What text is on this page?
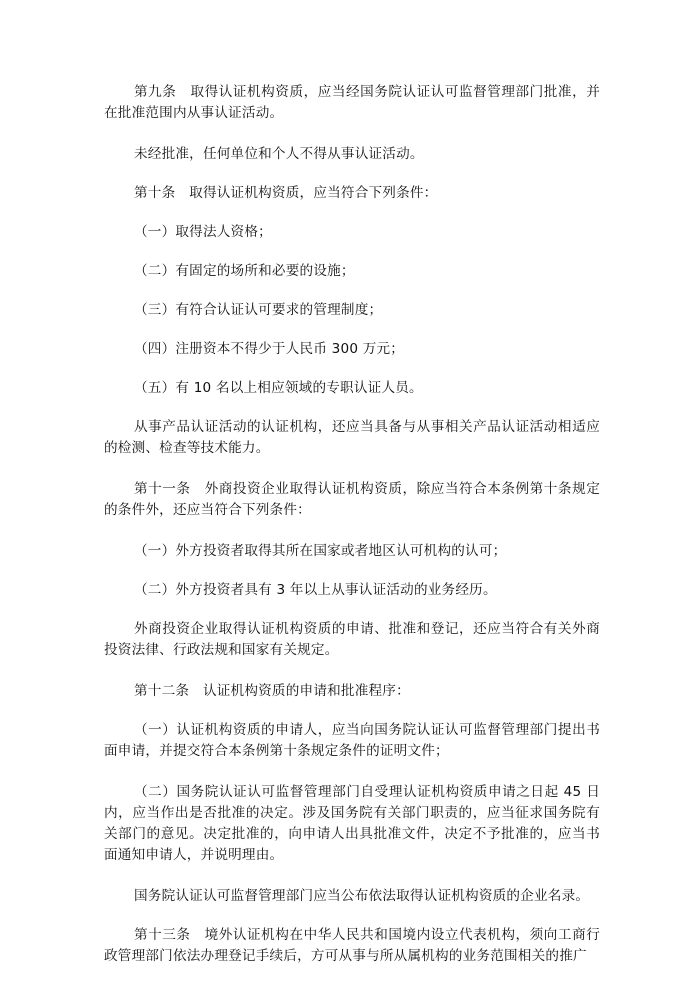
第九条　取得认证机构资质，应当经国务院认证认可监督管理部门批准，并在批准范围内从事认证活动。

未经批准，任何单位和个人不得从事认证活动。

第十条　取得认证机构资质，应当符合下列条件：

（一）取得法人资格；

（二）有固定的场所和必要的设施；

（三）有符合认证认可要求的管理制度；

（四）注册资本不得少于人民币 300 万元；

（五）有 10 名以上相应领域的专职认证人员。

从事产品认证活动的认证机构，还应当具备与从事相关产品认证活动相适应的检测、检查等技术能力。

第十一条　外商投资企业取得认证机构资质，除应当符合本条例第十条规定的条件外，还应当符合下列条件：

（一）外方投资者取得其所在国家或者地区认可机构的认可；

（二）外方投资者具有 3 年以上从事认证活动的业务经历。

外商投资企业取得认证机构资质的申请、批准和登记，还应当符合有关外商投资法律、行政法规和国家有关规定。

第十二条　认证机构资质的申请和批准程序：

（一）认证机构资质的申请人，应当向国务院认证认可监督管理部门提出书面申请，并提交符合本条例第十条规定条件的证明文件；

（二）国务院认证认可监督管理部门自受理认证机构资质申请之日起 45 日内，应当作出是否批准的决定。涉及国务院有关部门职责的，应当征求国务院有关部门的意见。决定批准的，向申请人出具批准文件，决定不予批准的，应当书面通知申请人，并说明理由。

国务院认证认可监督管理部门应当公布依法取得认证机构资质的企业名录。

第十三条　境外认证机构在中华人民共和国境内设立代表机构，须向工商行政管理部门依法办理登记手续后，方可从事与所从属机构的业务范围相关的推广
